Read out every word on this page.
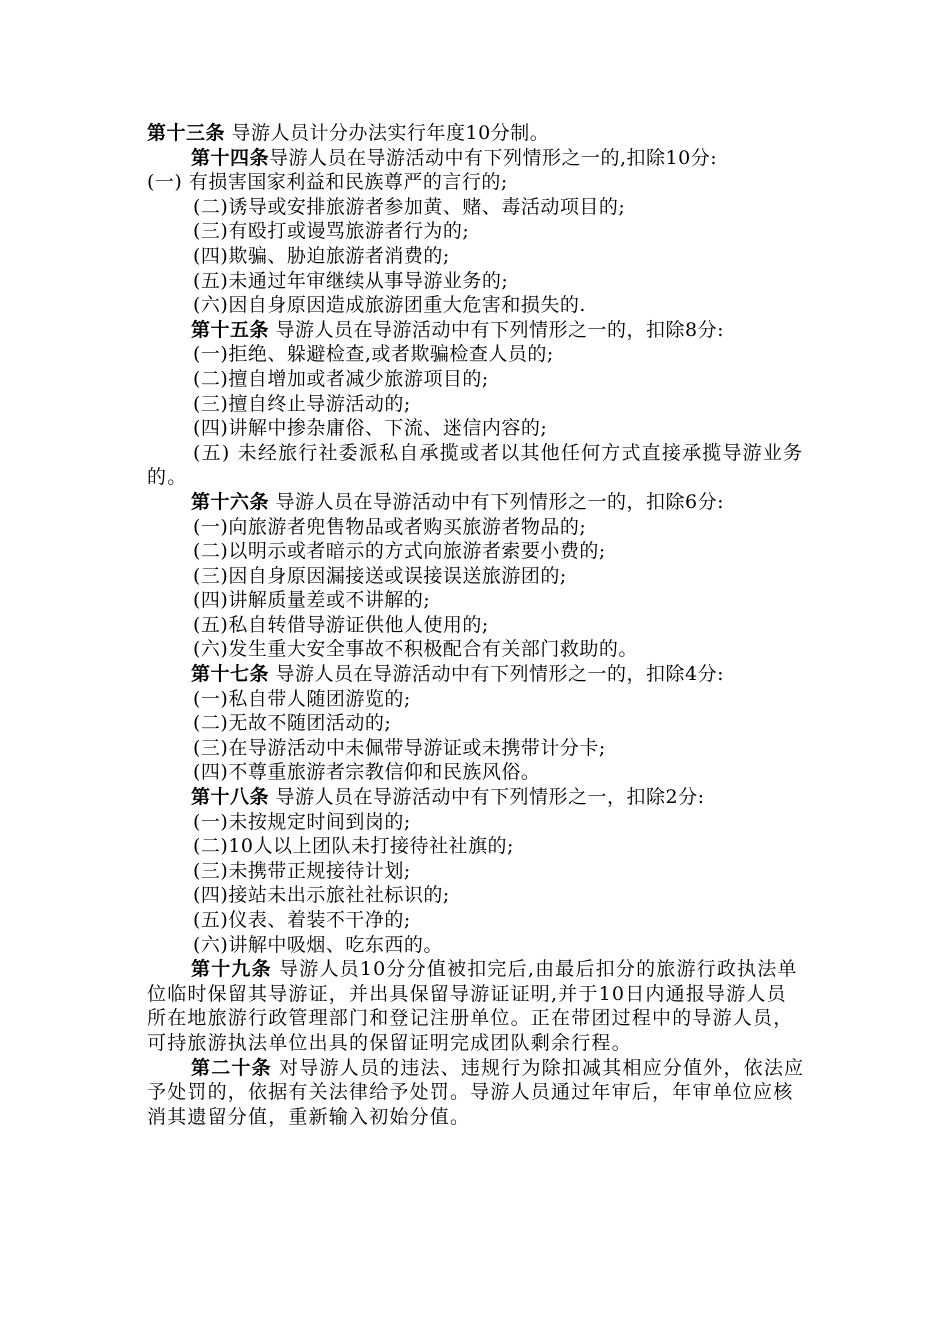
第十三条 导游人员计分办法实行年度10分制。
第十四条导游人员在导游活动中有下列情形之一的,扣除10分:
(一) 有损害国家利益和民族尊严的言行的;
(二)诱导或安排旅游者参加黄、赌、毒活动项目的;
(三)有殴打或谩骂旅游者行为的;
(四)欺骗、胁迫旅游者消费的;
(五)未通过年审继续从事导游业务的;
(六)因自身原因造成旅游团重大危害和损失的.
第十五条 导游人员在导游活动中有下列情形之一的，扣除8分:
(一)拒绝、躲避检查,或者欺骗检查人员的;
(二)擅自增加或者减少旅游项目的;
(三)擅自终止导游活动的;
(四)讲解中掺杂庸俗、下流、迷信内容的;
(五) 未经旅行社委派私自承揽或者以其他任何方式直接承揽导游业务的。
第十六条 导游人员在导游活动中有下列情形之一的，扣除6分:
(一)向旅游者兜售物品或者购买旅游者物品的;
(二)以明示或者暗示的方式向旅游者索要小费的;
(三)因自身原因漏接送或误接误送旅游团的;
(四)讲解质量差或不讲解的;
(五)私自转借导游证供他人使用的;
(六)发生重大安全事故不积极配合有关部门救助的。
第十七条 导游人员在导游活动中有下列情形之一的，扣除4分:
(一)私自带人随团游览的;
(二)无故不随团活动的;
(三)在导游活动中未佩带导游证或未携带计分卡;
(四)不尊重旅游者宗教信仰和民族风俗。
第十八条 导游人员在导游活动中有下列情形之一，扣除2分:
(一)未按规定时间到岗的;
(二)10人以上团队未打接待社社旗的;
(三)未携带正规接待计划;
(四)接站未出示旅社社标识的;
(五)仪表、着装不干净的;
(六)讲解中吸烟、吃东西的。
第十九条 导游人员10分分值被扣完后,由最后扣分的旅游行政执法单位临时保留其导游证，并出具保留导游证证明,并于10日内通报导游人员所在地旅游行政管理部门和登记注册单位。正在带团过程中的导游人员，可持旅游执法单位出具的保留证明完成团队剩余行程。
第二十条 对导游人员的违法、违规行为除扣减其相应分值外，依法应予处罚的，依据有关法律给予处罚。导游人员通过年审后，年审单位应核消其遗留分值，重新输入初始分值。
